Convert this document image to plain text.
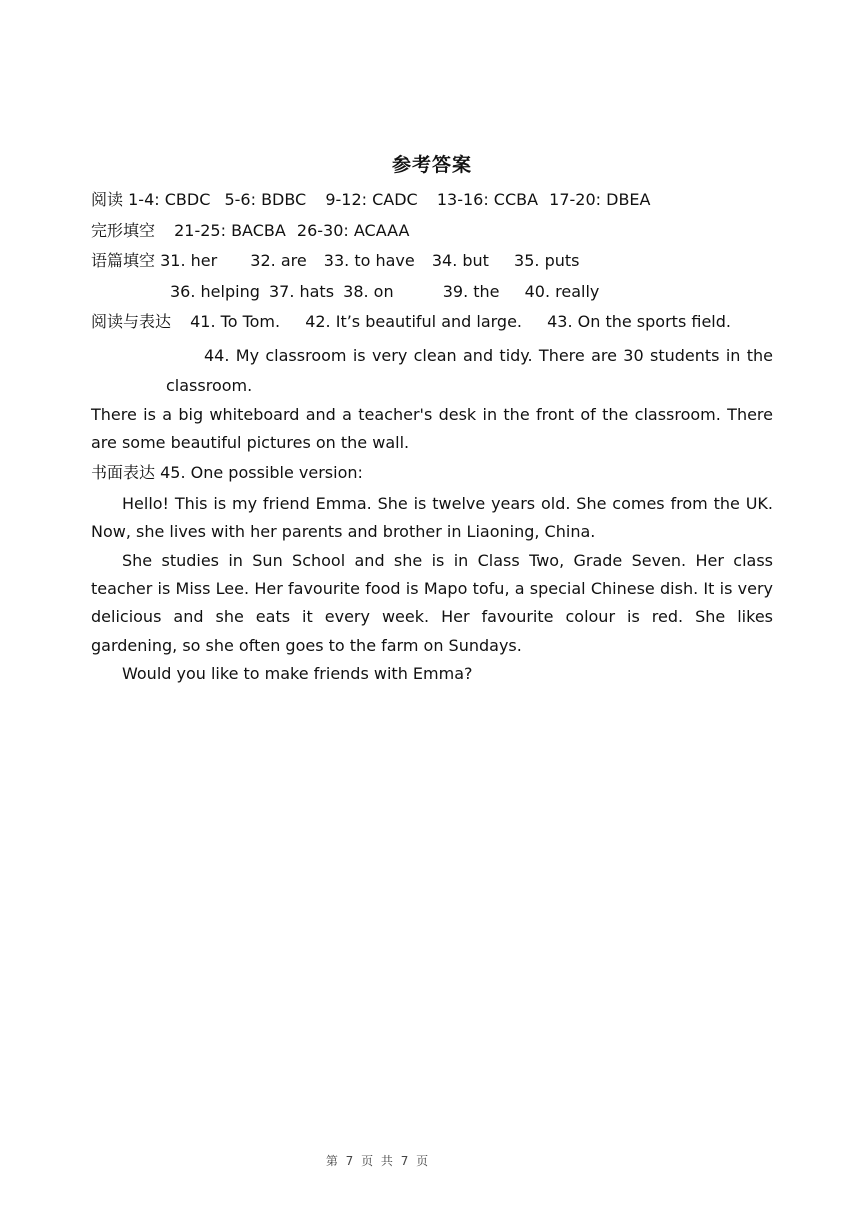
参考答案
阅读 1-4: CBDC 5-6: BDBC 9-12: CADC 13-16: CCBA 17-20: DBEA
完形填空 21-25: BACBA 26-30: ACAAA
语篇填空 31. her 32. are 33. to have 34. but 35. puts
36. helping 37. hats 38. on	39. the 40. really
阅读与表达 41. To Tom. 42. It’s beautiful and large. 43. On the sports field.
44. My classroom is very clean and tidy. There are 30 students in the classroom.
There is a big whiteboard and a teacher's desk in the front of the classroom. There are some beautiful pictures on the wall.
书面表达 45. One possible version:
Hello! This is my friend Emma. She is twelve years old. She comes from the UK. Now, she lives with her parents and brother in Liaoning, China.
She studies in Sun School and she is in Class Two, Grade Seven. Her class teacher is Miss Lee. Her favourite food is Mapo tofu, a special Chinese dish. It is very delicious and she eats it every week. Her favourite colour is red. She likes gardening, so she often goes to the farm on Sundays.
Would you like to make friends with Emma?
第 7 页 共 7 页
